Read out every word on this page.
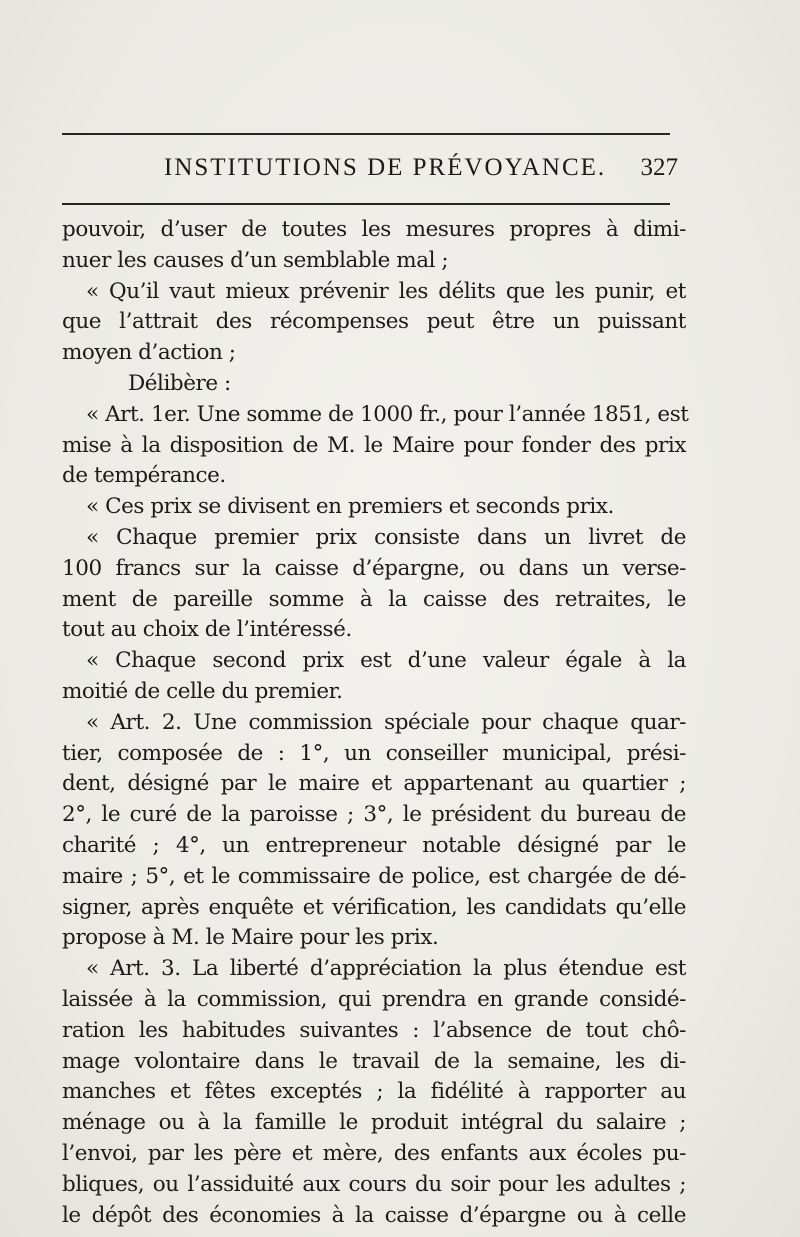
INSTITUTIONS DE PRÉVOYANCE. 327
pouvoir, d’user de toutes les mesures propres à dimi-
nuer les causes d’un semblable mal ;
« Qu’il vaut mieux prévenir les délits que les punir, et
que l’attrait des récompenses peut être un puissant
moyen d’action ;
Délibère :
« Art. 1er. Une somme de 1000 fr., pour l’année 1851, est
mise à la disposition de M. le Maire pour fonder des prix
de tempérance.
« Ces prix se divisent en premiers et seconds prix.
« Chaque premier prix consiste dans un livret de
100 francs sur la caisse d’épargne, ou dans un verse-
ment de pareille somme à la caisse des retraites, le
tout au choix de l’intéressé.
« Chaque second prix est d’une valeur égale à la
moitié de celle du premier.
« Art. 2. Une commission spéciale pour chaque quar-
tier, composée de : 1°, un conseiller municipal, prési-
dent, désigné par le maire et appartenant au quartier ;
2°, le curé de la paroisse ; 3°, le président du bureau de
charité ; 4°, un entrepreneur notable désigné par le
maire ; 5°, et le commissaire de police, est chargée de dé-
signer, après enquête et vérification, les candidats qu’elle
propose à M. le Maire pour les prix.
« Art. 3. La liberté d’appréciation la plus étendue est
laissée à la commission, qui prendra en grande considé-
ration les habitudes suivantes : l’absence de tout chô-
mage volontaire dans le travail de la semaine, les di-
manches et fêtes exceptés ; la fidélité à rapporter au
ménage ou à la famille le produit intégral du salaire ;
l’envoi, par les père et mère, des enfants aux écoles pu-
bliques, ou l’assiduité aux cours du soir pour les adultes ;
le dépôt des économies à la caisse d’épargne ou à celle
